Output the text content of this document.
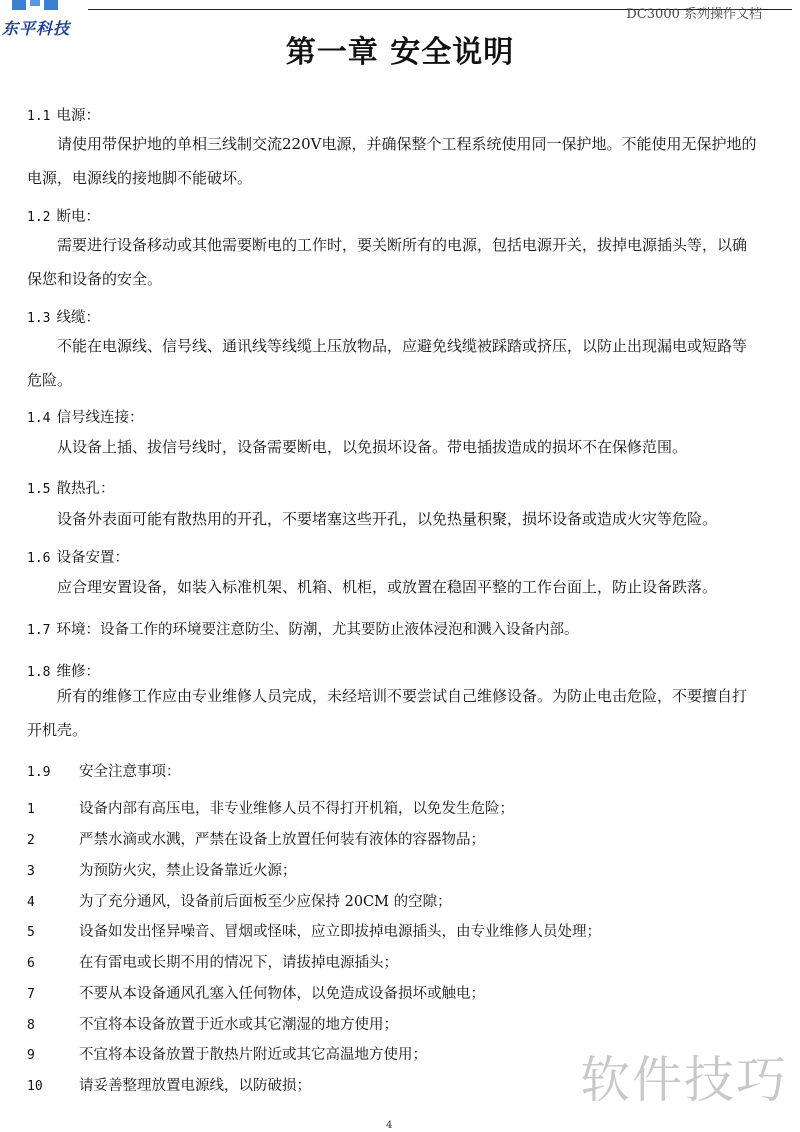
DC3000 系列操作文档
东平科技
第一章 安全说明
1.1 电源：
请使用带保护地的单相三线制交流220V电源，并确保整个工程系统使用同一保护地。不能使用无保护地的电源，电源线的接地脚不能破坏。
1.2 断电：
需要进行设备移动或其他需要断电的工作时，要关断所有的电源，包括电源开关，拔掉电源插头等，以确保您和设备的安全。
1.3 线缆：
不能在电源线、信号线、通讯线等线缆上压放物品，应避免线缆被踩踏或挤压，以防止出现漏电或短路等危险。
1.4 信号线连接：
从设备上插、拔信号线时，设备需要断电，以免损坏设备。带电插拔造成的损坏不在保修范围。
1.5 散热孔：
设备外表面可能有散热用的开孔，不要堵塞这些开孔，以免热量积聚，损坏设备或造成火灾等危险。
1.6 设备安置：
应合理安置设备，如装入标准机架、机箱、机柜，或放置在稳固平整的工作台面上，防止设备跌落。
1.7 环境：设备工作的环境要注意防尘、防潮，尤其要防止液体浸泡和溅入设备内部。
1.8 维修：
所有的维修工作应由专业维修人员完成，未经培训不要尝试自己维修设备。为防止电击危险，不要擅自打开机壳。
1.9 安全注意事项：
1	设备内部有高压电，非专业维修人员不得打开机箱，以免发生危险；
2	严禁水滴或水溅，严禁在设备上放置任何装有液体的容器物品；
3	为预防火灾，禁止设备靠近火源；
4	为了充分通风，设备前后面板至少应保持 20CM 的空隙；
5	设备如发出怪异噪音、冒烟或怪味，应立即拔掉电源插头，由专业维修人员处理；
6	在有雷电或长期不用的情况下，请拔掉电源插头；
7	不要从本设备通风孔塞入任何物体，以免造成设备损坏或触电；
8	不宜将本设备放置于近水或其它潮湿的地方使用；
9	不宜将本设备放置于散热片附近或其它高温地方使用；
10	请妥善整理放置电源线，以防破损；	软件技巧
4
